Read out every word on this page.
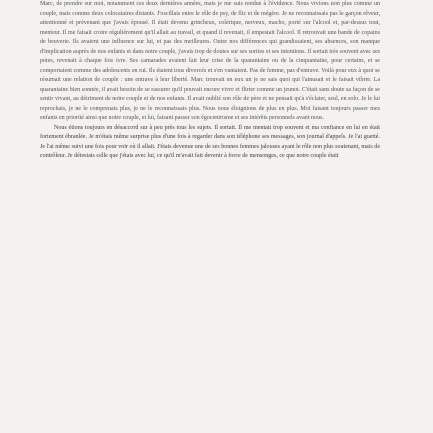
Marc, de prendre sur moi, notamment ces deux dernières années, mais je me suis rendue à l'évidence. Nous vivions non plus comme un couple, mais comme deux colocataires distants. J'oscillais entre le rôle de psy, de flic et de mégère. Je ne reconnaissais pas le garçon rêveur, attentionné et prévenant que j'avais épousé. Il était devenu grincheux, colérique, nerveux, macho, porté sur l'alcool et, par-dessus tout, menteur. Il me faisait croire régulièrement qu'il allait au travail, et quand il revenait, il empestait l'alcool. Il retrouvait une bande de copains de beuverie. Ils avaient une influence sur lui, et pas des meilleures. Outre nos différences qui grandissaient, ses absences, son manque d'implication auprès de nos enfants et dans notre couple, j'avais trop de doutes sur ses sorties et ses intentions. Il sortait très souvent avec ses potes, revenait à chaque fois ivre. Ses camarades avaient fait leur crise de la quarantaine ou de la cinquantaine, pour certains, et se comportaient comme des adolescents en rut. Ils étaient tous divorcés et s'en vantaient. Pas de femme, pas d'entrave. Voilà pour eux à quoi se résumait une relation de couple : une entrave à leur liberté. Marc trouvait en eux un je ne sais quoi qui l'amusait et le faisait vibrer. La quarantaine bien sonnée, il avait besoin de se rassurer qu'il pouvait encore vivre et flirter comme un jeunot. C'était sans doute sa façon de se sentir vivant, au détriment de notre couple et de nos enfants. Il avait oublié son rôle de père et ne pensait qu'à s'éclater, seul, en solo. Je le lui reprochais, je ne le comprenais plus, je ne le reconnaissais plus. Nous nous éloignions de plus en plus. Moi faisant toujours passer mes enfants en priorité ainsi que notre couple, et lui, faisant passer son égocentrisme et ses intérêts personnels avant nous.

Nous étions toujours en désaccord sur à peu près tous les sujets. Il sortait. Il me mentait trop souvent et ma confiance en lui en était fortement ébranlée. Je m'étais même surprise plus d'une fois à regarder dans son téléphone ses messages, son journal d'appels. Je l'ai guetté. Je l'ai même suivi une fois pour voir où il allait. J'étais devenue une de ses bonnes femmes jalouses ayant le rôle non plus soutenant, mais de contrôleur. Je détestais celle que j'étais avec lui, ce qu'il m'avait fait devenir à force de mensonges, ce que notre couple était
